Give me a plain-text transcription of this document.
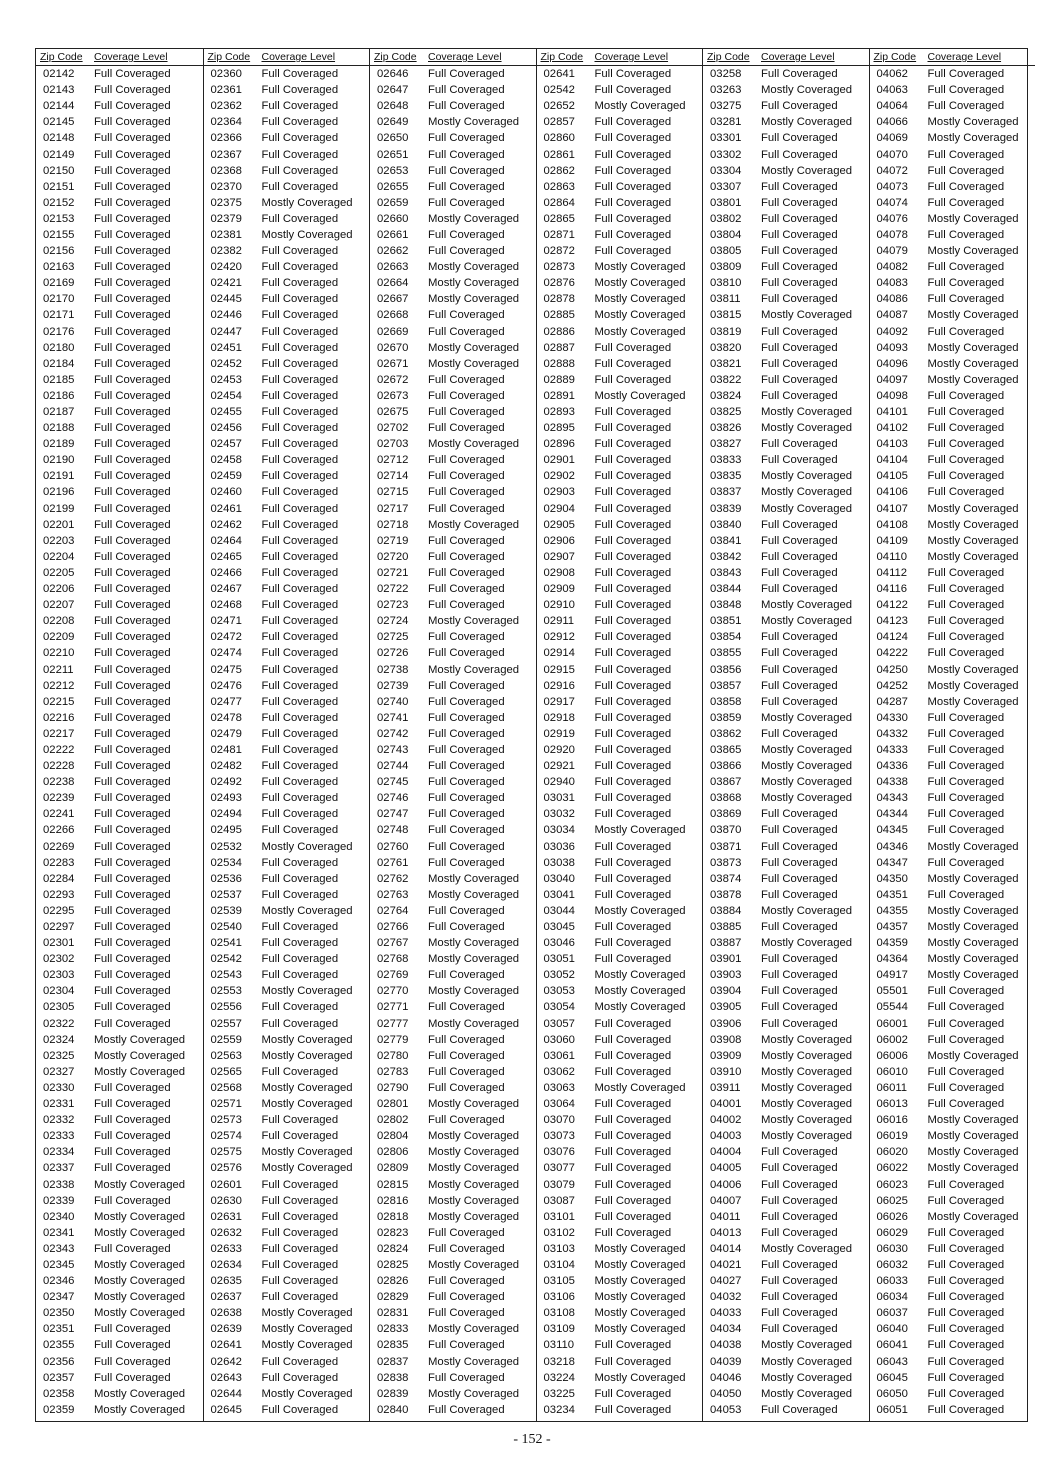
Zip Code	Coverage Level
02142	Full Coveraged
02143	Full Coveraged
02144	Full Coveraged
02145	Full Coveraged
02148	Full Coveraged
02149	Full Coveraged
02150	Full Coveraged
02151	Full Coveraged
02152	Full Coveraged
02153	Full Coveraged
02155	Full Coveraged
02156	Full Coveraged
02163	Full Coveraged
02169	Full Coveraged
02170	Full Coveraged
02171	Full Coveraged
02176	Full Coveraged
02180	Full Coveraged
02184	Full Coveraged
02185	Full Coveraged
02186	Full Coveraged
02187	Full Coveraged
02188	Full Coveraged
02189	Full Coveraged
02190	Full Coveraged
02191	Full Coveraged
02196	Full Coveraged
02199	Full Coveraged
02201	Full Coveraged
02203	Full Coveraged
02204	Full Coveraged
02205	Full Coveraged
02206	Full Coveraged
02207	Full Coveraged
02208	Full Coveraged
02209	Full Coveraged
02210	Full Coveraged
02211	Full Coveraged
02212	Full Coveraged
02215	Full Coveraged
02216	Full Coveraged
02217	Full Coveraged
02222	Full Coveraged
02228	Full Coveraged
02238	Full Coveraged
02239	Full Coveraged
02241	Full Coveraged
02266	Full Coveraged
02269	Full Coveraged
02283	Full Coveraged
02284	Full Coveraged
02293	Full Coveraged
02295	Full Coveraged
02297	Full Coveraged
02301	Full Coveraged
02302	Full Coveraged
02303	Full Coveraged
02304	Full Coveraged
02305	Full Coveraged
02322	Full Coveraged
02324	Mostly Coveraged
02325	Mostly Coveraged
02327	Mostly Coveraged
02330	Full Coveraged
02331	Full Coveraged
02332	Full Coveraged
02333	Full Coveraged
02334	Full Coveraged
02337	Full Coveraged
02338	Mostly Coveraged
02339	Full Coveraged
02340	Mostly Coveraged
02341	Mostly Coveraged
02343	Full Coveraged
02345	Mostly Coveraged
02346	Mostly Coveraged
02347	Mostly Coveraged
02350	Mostly Coveraged
02351	Full Coveraged
02355	Full Coveraged
02356	Full Coveraged
02357	Full Coveraged
02358	Mostly Coveraged
02359	Mostly Coveraged
Zip Code	Coverage Level
02360	Full Coveraged
02361	Full Coveraged
02362	Full Coveraged
02364	Full Coveraged
02366	Full Coveraged
02367	Full Coveraged
02368	Full Coveraged
02370	Full Coveraged
02375	Mostly Coveraged
02379	Full Coveraged
02381	Mostly Coveraged
02382	Full Coveraged
02420	Full Coveraged
02421	Full Coveraged
02445	Full Coveraged
02446	Full Coveraged
02447	Full Coveraged
02451	Full Coveraged
02452	Full Coveraged
02453	Full Coveraged
02454	Full Coveraged
02455	Full Coveraged
02456	Full Coveraged
02457	Full Coveraged
02458	Full Coveraged
02459	Full Coveraged
02460	Full Coveraged
02461	Full Coveraged
02462	Full Coveraged
02464	Full Coveraged
02465	Full Coveraged
02466	Full Coveraged
02467	Full Coveraged
02468	Full Coveraged
02471	Full Coveraged
02472	Full Coveraged
02474	Full Coveraged
02475	Full Coveraged
02476	Full Coveraged
02477	Full Coveraged
02478	Full Coveraged
02479	Full Coveraged
02481	Full Coveraged
02482	Full Coveraged
02492	Full Coveraged
02493	Full Coveraged
02494	Full Coveraged
02495	Full Coveraged
02532	Mostly Coveraged
02534	Full Coveraged
02536	Full Coveraged
02537	Full Coveraged
02539	Mostly Coveraged
02540	Full Coveraged
02541	Full Coveraged
02542	Full Coveraged
02543	Full Coveraged
02553	Mostly Coveraged
02556	Full Coveraged
02557	Full Coveraged
02559	Mostly Coveraged
02563	Mostly Coveraged
02565	Full Coveraged
02568	Mostly Coveraged
02571	Mostly Coveraged
02573	Full Coveraged
02574	Full Coveraged
02575	Mostly Coveraged
02576	Mostly Coveraged
02601	Full Coveraged
02630	Full Coveraged
02631	Full Coveraged
02632	Full Coveraged
02633	Full Coveraged
02634	Full Coveraged
02635	Full Coveraged
02637	Full Coveraged
02638	Mostly Coveraged
02639	Mostly Coveraged
02641	Mostly Coveraged
02642	Full Coveraged
02643	Full Coveraged
02644	Mostly Coveraged
02645	Full Coveraged
Zip Code	Coverage Level
02646	Full Coveraged
02647	Full Coveraged
02648	Full Coveraged
02649	Mostly Coveraged
02650	Full Coveraged
02651	Full Coveraged
02653	Full Coveraged
02655	Full Coveraged
02659	Full Coveraged
02660	Mostly Coveraged
02661	Full Coveraged
02662	Full Coveraged
02663	Mostly Coveraged
02664	Mostly Coveraged
02667	Mostly Coveraged
02668	Full Coveraged
02669	Full Coveraged
02670	Mostly Coveraged
02671	Mostly Coveraged
02672	Full Coveraged
02673	Full Coveraged
02675	Full Coveraged
02702	Full Coveraged
02703	Mostly Coveraged
02712	Full Coveraged
02714	Full Coveraged
02715	Full Coveraged
02717	Full Coveraged
02718	Mostly Coveraged
02719	Full Coveraged
02720	Full Coveraged
02721	Full Coveraged
02722	Full Coveraged
02723	Full Coveraged
02724	Mostly Coveraged
02725	Full Coveraged
02726	Full Coveraged
02738	Mostly Coveraged
02739	Full Coveraged
02740	Full Coveraged
02741	Full Coveraged
02742	Full Coveraged
02743	Full Coveraged
02744	Full Coveraged
02745	Full Coveraged
02746	Full Coveraged
02747	Full Coveraged
02748	Full Coveraged
02760	Full Coveraged
02761	Full Coveraged
02762	Mostly Coveraged
02763	Mostly Coveraged
02764	Full Coveraged
02766	Full Coveraged
02767	Mostly Coveraged
02768	Mostly Coveraged
02769	Full Coveraged
02770	Mostly Coveraged
02771	Full Coveraged
02777	Mostly Coveraged
02779	Full Coveraged
02780	Full Coveraged
02783	Full Coveraged
02790	Full Coveraged
02801	Mostly Coveraged
02802	Full Coveraged
02804	Mostly Coveraged
02806	Mostly Coveraged
02809	Mostly Coveraged
02815	Mostly Coveraged
02816	Mostly Coveraged
02818	Mostly Coveraged
02823	Full Coveraged
02824	Full Coveraged
02825	Mostly Coveraged
02826	Full Coveraged
02829	Full Coveraged
02831	Full Coveraged
02833	Mostly Coveraged
02835	Full Coveraged
02837	Mostly Coveraged
02838	Full Coveraged
02839	Mostly Coveraged
02840	Full Coveraged
Zip Code	Coverage Level
02641	Full Coveraged
02542	Full Coveraged
02652	Mostly Coveraged
02857	Full Coveraged
02860	Full Coveraged
02861	Full Coveraged
02862	Full Coveraged
02863	Full Coveraged
02864	Full Coveraged
02865	Full Coveraged
02871	Full Coveraged
02872	Full Coveraged
02873	Mostly Coveraged
02876	Mostly Coveraged
02878	Mostly Coveraged
02885	Mostly Coveraged
02886	Mostly Coveraged
02887	Full Coveraged
02888	Full Coveraged
02889	Full Coveraged
02891	Mostly Coveraged
02893	Full Coveraged
02895	Full Coveraged
02896	Full Coveraged
02901	Full Coveraged
02902	Full Coveraged
02903	Full Coveraged
02904	Full Coveraged
02905	Full Coveraged
02906	Full Coveraged
02907	Full Coveraged
02908	Full Coveraged
02909	Full Coveraged
02910	Full Coveraged
02911	Full Coveraged
02912	Full Coveraged
02914	Full Coveraged
02915	Full Coveraged
02916	Full Coveraged
02917	Full Coveraged
02918	Full Coveraged
02919	Full Coveraged
02920	Full Coveraged
02921	Full Coveraged
02940	Full Coveraged
03031	Full Coveraged
03032	Full Coveraged
03034	Mostly Coveraged
03036	Full Coveraged
03038	Full Coveraged
03040	Full Coveraged
03041	Full Coveraged
03044	Mostly Coveraged
03045	Full Coveraged
03046	Full Coveraged
03051	Full Coveraged
03052	Mostly Coveraged
03053	Mostly Coveraged
03054	Mostly Coveraged
03057	Full Coveraged
03060	Full Coveraged
03061	Full Coveraged
03062	Full Coveraged
03063	Mostly Coveraged
03064	Full Coveraged
03070	Full Coveraged
03073	Full Coveraged
03076	Full Coveraged
03077	Full Coveraged
03079	Full Coveraged
03087	Full Coveraged
03101	Full Coveraged
03102	Full Coveraged
03103	Mostly Coveraged
03104	Mostly Coveraged
03105	Mostly Coveraged
03106	Mostly Coveraged
03108	Mostly Coveraged
03109	Mostly Coveraged
03110	Full Coveraged
03218	Full Coveraged
03224	Mostly Coveraged
03225	Full Coveraged
03234	Full Coveraged
Zip Code	Coverage Level
03258	Full Coveraged
03263	Mostly Coveraged
03275	Full Coveraged
03281	Mostly Coveraged
03301	Full Coveraged
03302	Full Coveraged
03304	Mostly Coveraged
03307	Full Coveraged
03801	Full Coveraged
03802	Full Coveraged
03804	Full Coveraged
03805	Full Coveraged
03809	Full Coveraged
03810	Full Coveraged
03811	Full Coveraged
03815	Mostly Coveraged
03819	Full Coveraged
03820	Full Coveraged
03821	Full Coveraged
03822	Full Coveraged
03824	Full Coveraged
03825	Mostly Coveraged
03826	Mostly Coveraged
03827	Full Coveraged
03833	Full Coveraged
03835	Mostly Coveraged
03837	Mostly Coveraged
03839	Mostly Coveraged
03840	Full Coveraged
03841	Full Coveraged
03842	Full Coveraged
03843	Full Coveraged
03844	Full Coveraged
03848	Mostly Coveraged
03851	Mostly Coveraged
03854	Full Coveraged
03855	Full Coveraged
03856	Full Coveraged
03857	Full Coveraged
03858	Full Coveraged
03859	Mostly Coveraged
03862	Full Coveraged
03865	Mostly Coveraged
03866	Mostly Coveraged
03867	Mostly Coveraged
03868	Mostly Coveraged
03869	Full Coveraged
03870	Full Coveraged
03871	Full Coveraged
03873	Full Coveraged
03874	Full Coveraged
03878	Full Coveraged
03884	Mostly Coveraged
03885	Full Coveraged
03887	Mostly Coveraged
03901	Full Coveraged
03903	Full Coveraged
03904	Full Coveraged
03905	Full Coveraged
03906	Full Coveraged
03908	Mostly Coveraged
03909	Mostly Coveraged
03910	Mostly Coveraged
03911	Mostly Coveraged
04001	Mostly Coveraged
04002	Mostly Coveraged
04003	Mostly Coveraged
04004	Full Coveraged
04005	Full Coveraged
04006	Full Coveraged
04007	Full Coveraged
04011	Full Coveraged
04013	Full Coveraged
04014	Mostly Coveraged
04021	Full Coveraged
04027	Full Coveraged
04032	Full Coveraged
04033	Full Coveraged
04034	Full Coveraged
04038	Mostly Coveraged
04039	Mostly Coveraged
04046	Mostly Coveraged
04050	Mostly Coveraged
04053	Full Coveraged
Zip Code	Coverage Level
04062	Full Coveraged
04063	Full Coveraged
04064	Full Coveraged
04066	Mostly Coveraged
04069	Mostly Coveraged
04070	Full Coveraged
04072	Full Coveraged
04073	Full Coveraged
04074	Full Coveraged
04076	Mostly Coveraged
04078	Full Coveraged
04079	Mostly Coveraged
04082	Full Coveraged
04083	Full Coveraged
04086	Full Coveraged
04087	Mostly Coveraged
04092	Full Coveraged
04093	Mostly Coveraged
04096	Mostly Coveraged
04097	Mostly Coveraged
04098	Full Coveraged
04101	Full Coveraged
04102	Full Coveraged
04103	Full Coveraged
04104	Full Coveraged
04105	Full Coveraged
04106	Full Coveraged
04107	Mostly Coveraged
04108	Mostly Coveraged
04109	Mostly Coveraged
04110	Mostly Coveraged
04112	Full Coveraged
04116	Full Coveraged
04122	Full Coveraged
04123	Full Coveraged
04124	Full Coveraged
04222	Full Coveraged
04250	Mostly Coveraged
04252	Mostly Coveraged
04287	Mostly Coveraged
04330	Full Coveraged
04332	Full Coveraged
04333	Full Coveraged
04336	Full Coveraged
04338	Full Coveraged
04343	Full Coveraged
04344	Full Coveraged
04345	Full Coveraged
04346	Mostly Coveraged
04347	Full Coveraged
04350	Mostly Coveraged
04351	Full Coveraged
04355	Mostly Coveraged
04357	Mostly Coveraged
04359	Mostly Coveraged
04364	Mostly Coveraged
04917	Mostly Coveraged
05501	Full Coveraged
05544	Full Coveraged
06001	Full Coveraged
06002	Full Coveraged
06006	Mostly Coveraged
06010	Full Coveraged
06011	Full Coveraged
06013	Full Coveraged
06016	Mostly Coveraged
06019	Mostly Coveraged
06020	Mostly Coveraged
06022	Mostly Coveraged
06023	Full Coveraged
06025	Full Coveraged
06026	Mostly Coveraged
06029	Full Coveraged
06030	Full Coveraged
06032	Full Coveraged
06033	Full Coveraged
06034	Full Coveraged
06037	Full Coveraged
06040	Full Coveraged
06041	Full Coveraged
06043	Full Coveraged
06045	Full Coveraged
06050	Full Coveraged
06051	Full Coveraged
- 152 -
